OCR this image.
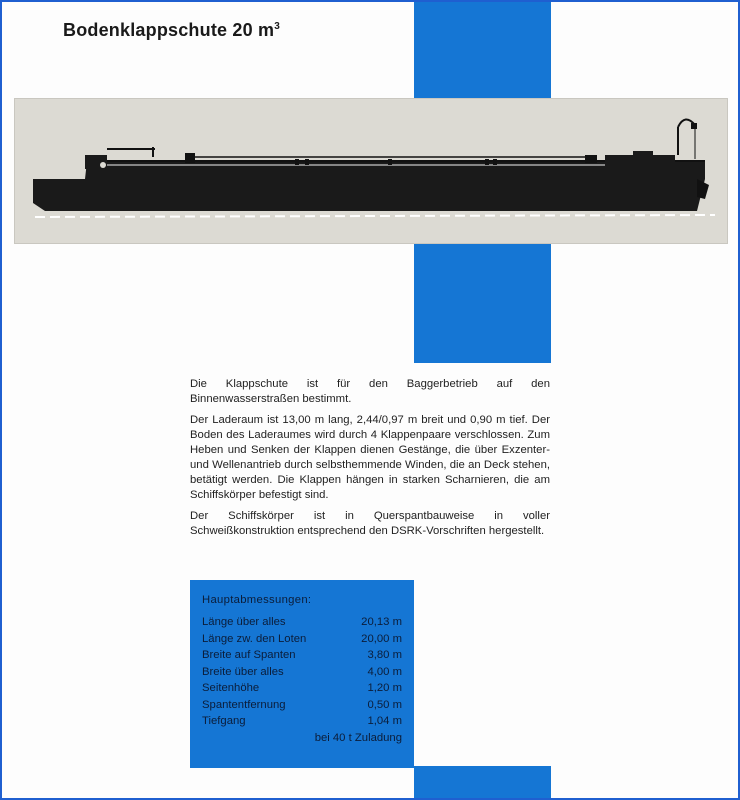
Bodenklappschute 20 $m^3$

Die Klappschute ist für den Baggerbetrieb auf den Binnenwasserstraßen bestimmt.

Der Laderaum ist 13,00 m lang, 2,44/0,97 m breit und 0,90 m tief. Der Boden des Laderaumes wird durch 4 Klappenpaare verschlossen. Zum Heben und Senken der Klappen dienen Gestänge, die über Exzenter- und Wellenantrieb durch selbsthemmende Winden, die an Deck stehen, betätigt werden. Die Klappen hängen in starken Scharnieren, die am Schiffskörper befestigt sind.

Der Schiffskörper ist in Querspantbauweise in voller Schweißkonstruktion entsprechend den DSRK-Vorschriften hergestellt.

Hauptabmessungen:
Länge über alles	20,13 m
Länge zw. den Loten	20,00 m
Breite auf Spanten	3,80 m
Breite über alles	4,00 m
Seitenhöhe	1,20 m
Spantentfernung	0,50 m
Tiefgang	1,04 m
bei 40 t Zuladung
